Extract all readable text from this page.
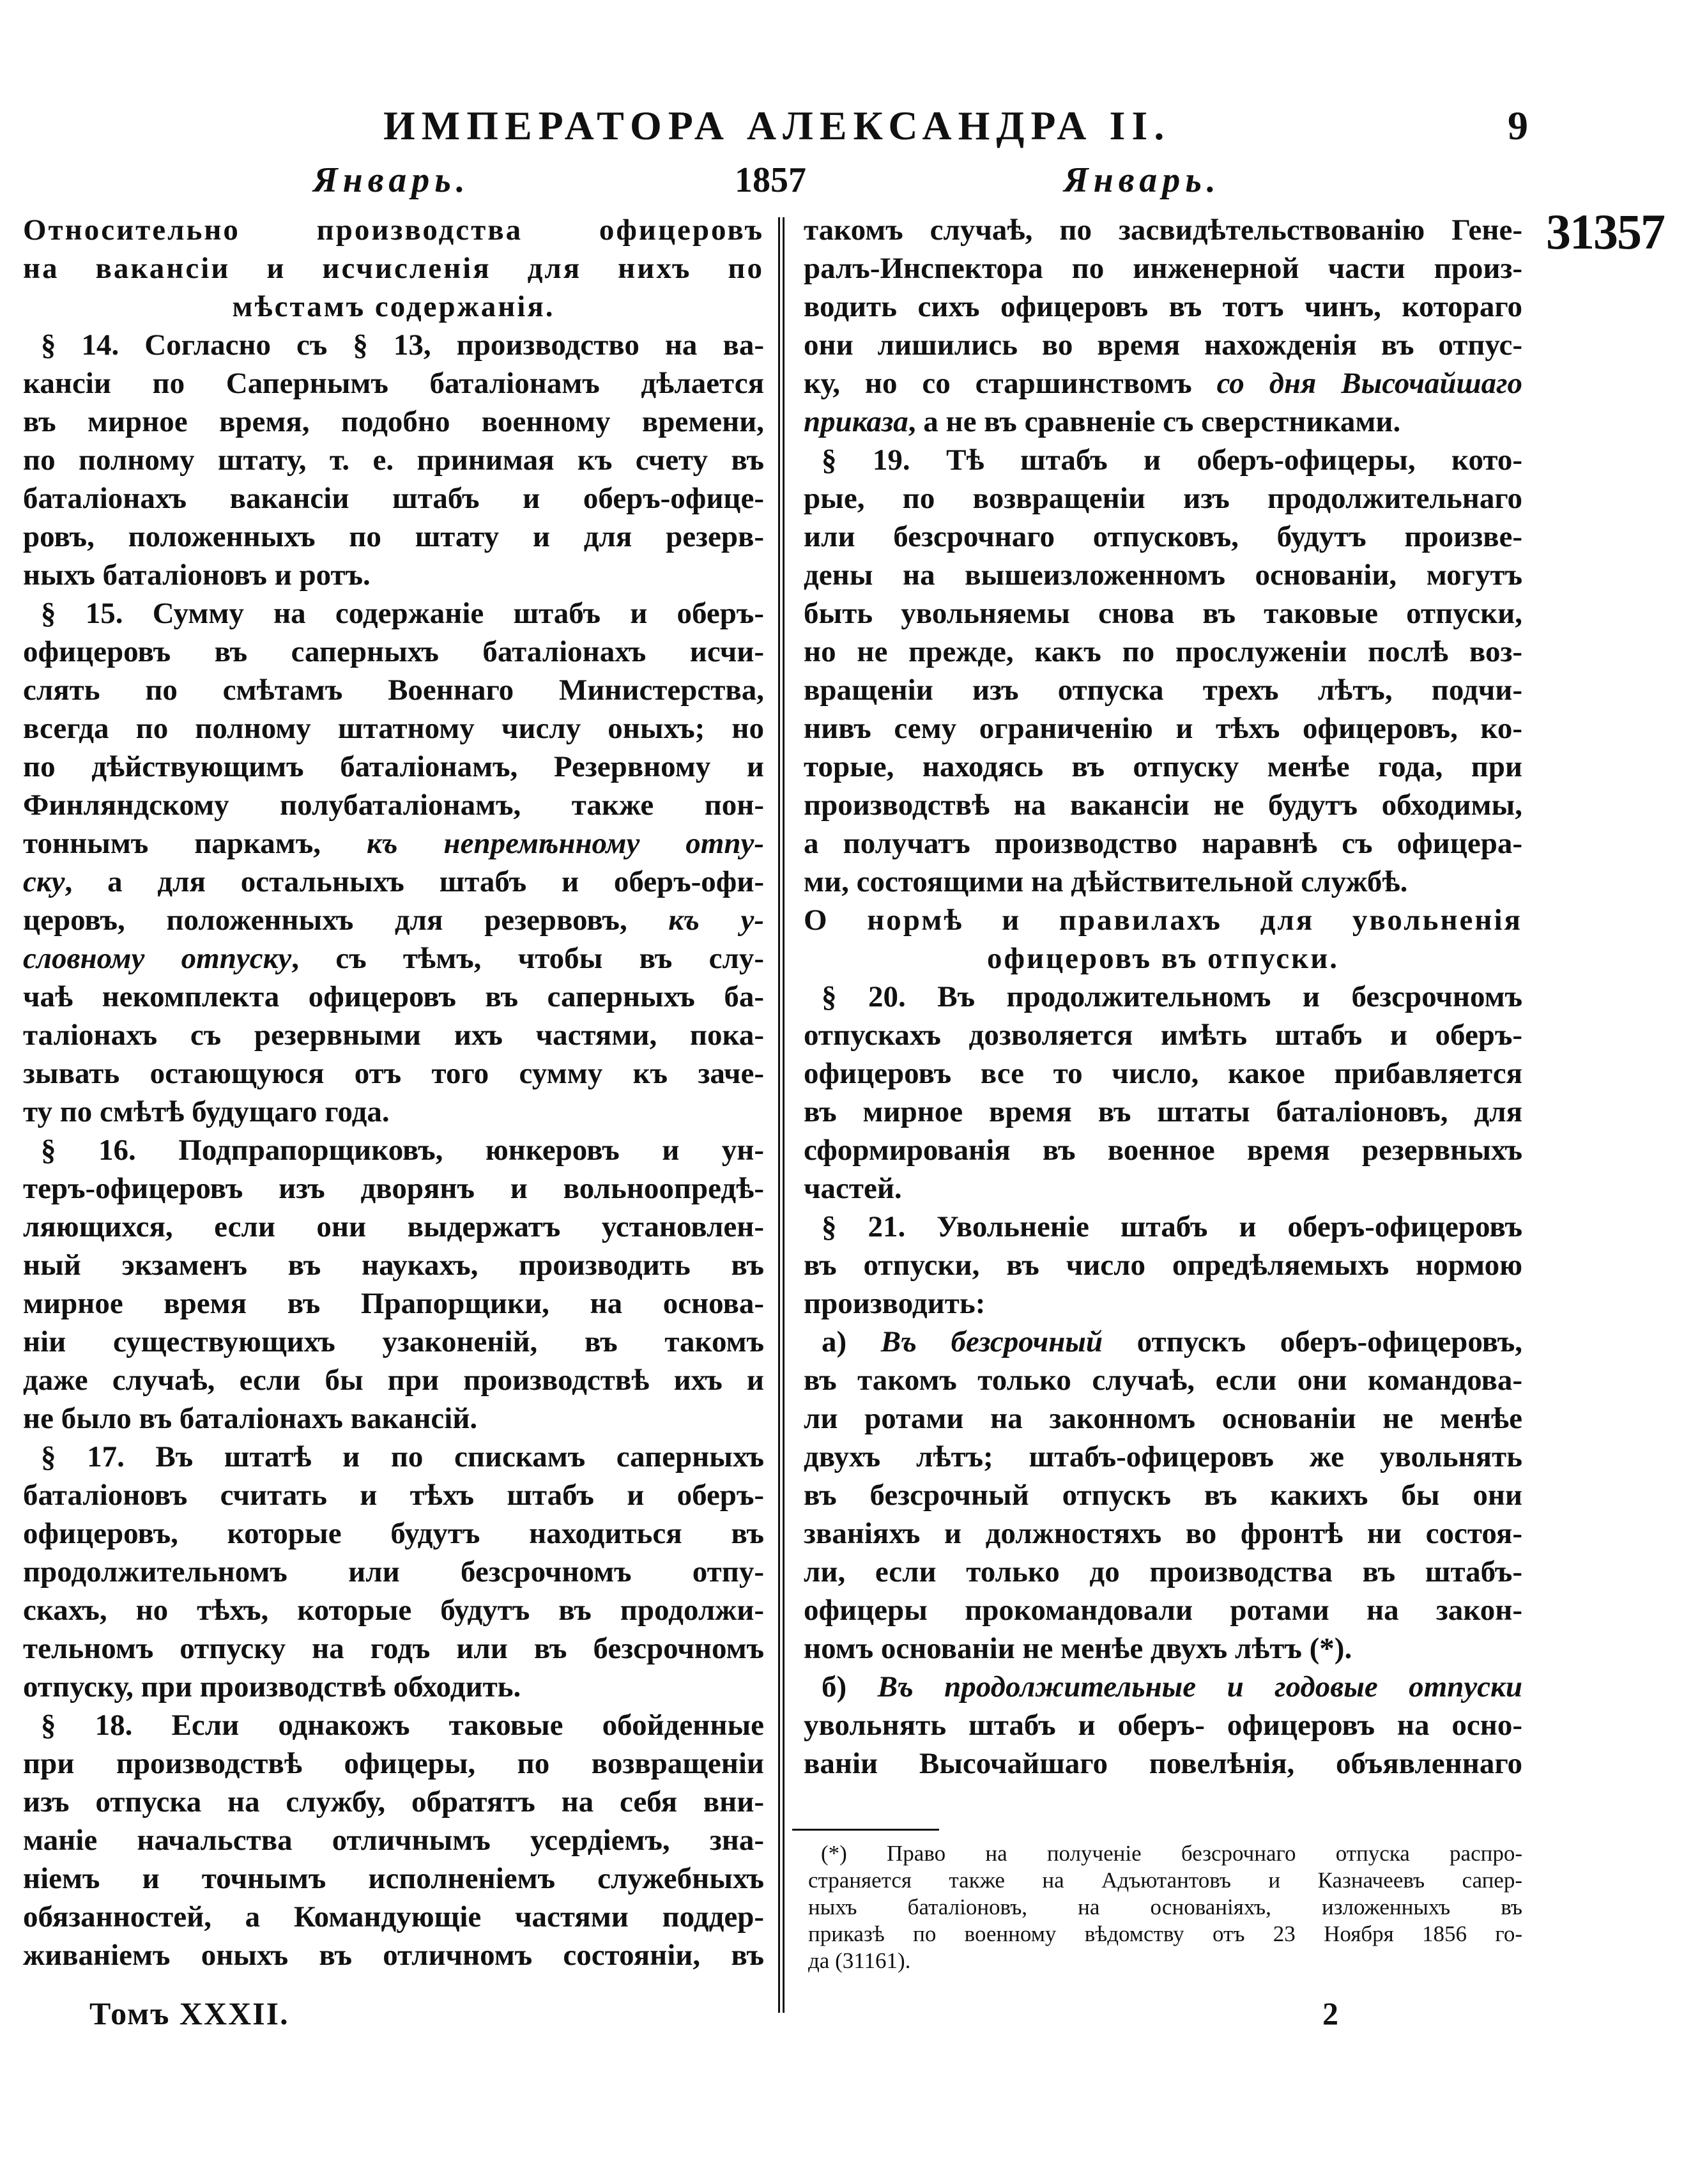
ИМПЕРАТОРА АЛЕКСАНДРА II.	9
Январь.	1857	Январь.
31357
Относительно производства офицеровъ
на вакансіи и исчисленія для нихъ по
мѣстамъ содержанія.
§ 14. Согласно съ § 13, производство на ва-
кансіи по Сапернымъ баталіонамъ дѣлается
въ мирное время, подобно военному времени,
по полному штату, т. е. принимая къ счету въ
баталіонахъ вакансіи штабъ и оберъ-офице-
ровъ, положенныхъ по штату и для резерв-
ныхъ баталіоновъ и ротъ.
§ 15. Сумму на содержаніе штабъ и оберъ-
офицеровъ въ саперныхъ баталіонахъ исчи-
слять по смѣтамъ Военнаго Министерства,
всегда по полному штатному числу оныхъ; но
по дѣйствующимъ баталіонамъ, Резервному и
Финляндскому полубаталіонамъ, также пон-
тоннымъ паркамъ, къ непремѣнному отпу-
ску, а для остальныхъ штабъ и оберъ-офи-
церовъ, положенныхъ для резервовъ, къ у-
словному отпуску, съ тѣмъ, чтобы въ слу-
чаѣ некомплекта офицеровъ въ саперныхъ ба-
таліонахъ съ резервными ихъ частями, пока-
зывать остающуюся отъ того сумму къ заче-
ту по смѣтѣ будущаго года.
§ 16. Подпрапорщиковъ, юнкеровъ и ун-
теръ-офицеровъ изъ дворянъ и вольноопредѣ-
ляющихся, если они выдержатъ установлен-
ный экзаменъ въ наукахъ, производить въ
мирное время въ Прапорщики, на основа-
ніи существующихъ узаконеній, въ такомъ
даже случаѣ, если бы при производствѣ ихъ и
не было въ баталіонахъ вакансій.
§ 17. Въ штатѣ и по спискамъ саперныхъ
баталіоновъ считать и тѣхъ штабъ и оберъ-
офицеровъ, которые будутъ находиться въ
продолжительномъ или безсрочномъ отпу-
скахъ, но тѣхъ, которые будутъ въ продолжи-
тельномъ отпуску на годъ или въ безсрочномъ
отпуску, при производствѣ обходить.
§ 18. Если однакожъ таковые обойденные
при производствѣ офицеры, по возвращеніи
изъ отпуска на службу, обратятъ на себя вни-
маніе начальства отличнымъ усердіемъ, зна-
ніемъ и точнымъ исполненіемъ служебныхъ
обязанностей, а Командующіе частями поддер-
живаніемъ оныхъ въ отличномъ состояніи, въ
такомъ случаѣ, по засвидѣтельствованію Гене-
ралъ-Инспектора по инженерной части произ-
водить сихъ офицеровъ въ тотъ чинъ, котораго
они лишились во время нахожденія въ отпус-
ку, но со старшинствомъ со дня Высочайшаго
приказа, а не въ сравненіе съ сверстниками.
§ 19. Тѣ штабъ и оберъ-офицеры, кото-
рые, по возвращеніи изъ продолжительнаго
или безсрочнаго отпусковъ, будутъ произве-
дены на вышеизложенномъ основаніи, могутъ
быть увольняемы снова въ таковые отпуски,
но не прежде, какъ по прослуженіи послѣ воз-
вращеніи изъ отпуска трехъ лѣтъ, подчи-
нивъ сему ограниченію и тѣхъ офицеровъ, ко-
торые, находясь въ отпуску менѣе года, при
производствѣ на вакансіи не будутъ обходимы,
а получатъ производство наравнѣ съ офицера-
ми, состоящими на дѣйствительной службѣ.
О нормѣ и правилахъ для увольненія
офицеровъ въ отпуски.
§ 20. Въ продолжительномъ и безсрочномъ
отпускахъ дозволяется имѣть штабъ и оберъ-
офицеровъ все то число, какое прибавляется
въ мирное время въ штаты баталіоновъ, для
сформированія въ военное время резервныхъ
частей.
§ 21. Увольненіе штабъ и оберъ-офицеровъ
въ отпуски, въ число опредѣляемыхъ нормою
производить:
а) Въ безсрочный отпускъ оберъ-офицеровъ,
въ такомъ только случаѣ, если они командова-
ли ротами на законномъ основаніи не менѣе
двухъ лѣтъ; штабъ-офицеровъ же увольнять
въ безсрочный отпускъ въ какихъ бы они
званіяхъ и должностяхъ во фронтѣ ни состоя-
ли, если только до производства въ штабъ-
офицеры прокомандовали ротами на закон-
номъ основаніи не менѣе двухъ лѣтъ (*).
б) Въ продолжительные и годовые отпуски
увольнять штабъ и оберъ- офицеровъ на осно-
ваніи Высочайшаго повелѣнія, объявленнаго
(*) Право на полученіе безсрочнаго отпуска распро-
страняется также на Адъютантовъ и Казначеевъ сапер-
ныхъ баталіоновъ, на основаніяхъ, изложенныхъ въ
приказѣ по военному вѣдомству отъ 23 Ноября 1856 го-
да (31161).
Томъ XXXII.	2
